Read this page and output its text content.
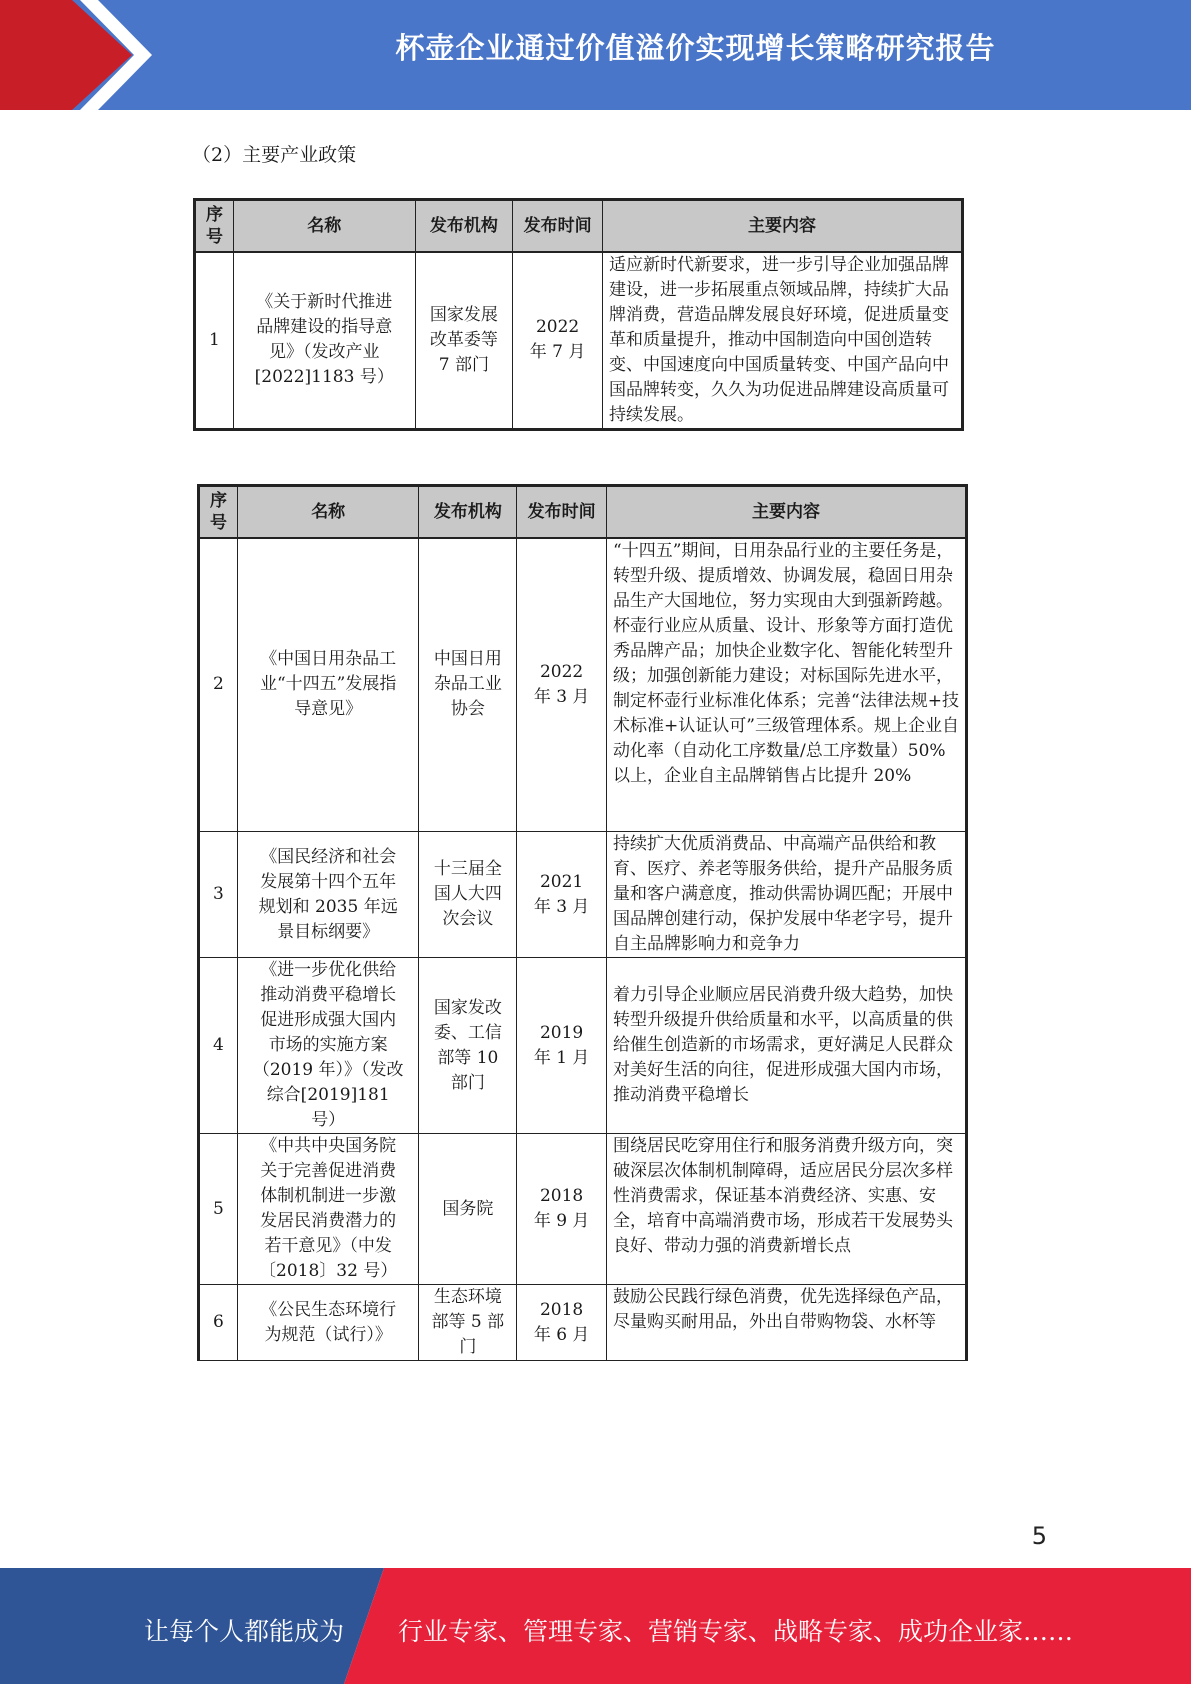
杯壶企业通过价值溢价实现增长策略研究报告
（2）主要产业政策
序号	名称	发布机构	发布时间	主要内容
1	《关于新时代推进品牌建设的指导意见》（发改产业[2022]1183 号）	国家发展改革委等 7 部门	2022 年 7 月	适应新时代新要求，进一步引导企业加强品牌建设，进一步拓展重点领域品牌，持续扩大品牌消费，营造品牌发展良好环境，促进质量变革和质量提升，推动中国制造向中国创造转变、中国速度向中国质量转变、中国产品向中国品牌转变，久久为功促进品牌建设高质量可持续发展。
序号	名称	发布机构	发布时间	主要内容
2	《中国日用杂品工业“十四五”发展指导意见》	中国日用杂品工业协会	2022 年 3 月	“十四五”期间，日用杂品行业的主要任务是，转型升级、提质增效、协调发展，稳固日用杂品生产大国地位，努力实现由大到强新跨越。杯壶行业应从质量、设计、形象等方面打造优秀品牌产品；加快企业数字化、智能化转型升级；加强创新能力建设；对标国际先进水平，制定杯壶行业标准化体系；完善“法律法规+技术标准+认证认可”三级管理体系。规上企业自动化率（自动化工序数量/总工序数量）50%以上，企业自主品牌销售占比提升 20%
3	《国民经济和社会发展第十四个五年规划和 2035 年远景目标纲要》	十三届全国人大四次会议	2021 年 3 月	持续扩大优质消费品、中高端产品供给和教育、医疗、养老等服务供给，提升产品服务质量和客户满意度，推动供需协调匹配；开展中国品牌创建行动，保护发展中华老字号，提升自主品牌影响力和竞争力
4	《进一步优化供给推动消费平稳增长促进形成强大国内市场的实施方案（2019 年）》（发改综合[2019]181 号）	国家发改委、工信部等 10 部门	2019 年 1 月	着力引导企业顺应居民消费升级大趋势，加快转型升级提升供给质量和水平，以高质量的供给催生创造新的市场需求，更好满足人民群众对美好生活的向往，促进形成强大国内市场，推动消费平稳增长
5	《中共中央国务院关于完善促进消费体制机制进一步激发居民消费潜力的若干意见》（中发〔2018〕32 号）	国务院	2018 年 9 月	围绕居民吃穿用住行和服务消费升级方向，突破深层次体制机制障碍，适应居民分层次多样性消费需求，保证基本消费经济、实惠、安全，培育中高端消费市场，形成若干发展势头良好、带动力强的消费新增长点
6	《公民生态环境行为规范（试行）》	生态环境部等 5 部门	2018 年 6 月	鼓励公民践行绿色消费，优先选择绿色产品，尽量购买耐用品，外出自带购物袋、水杯等
5
让每个人都能成为 行业专家、管理专家、营销专家、战略专家、成功企业家……
